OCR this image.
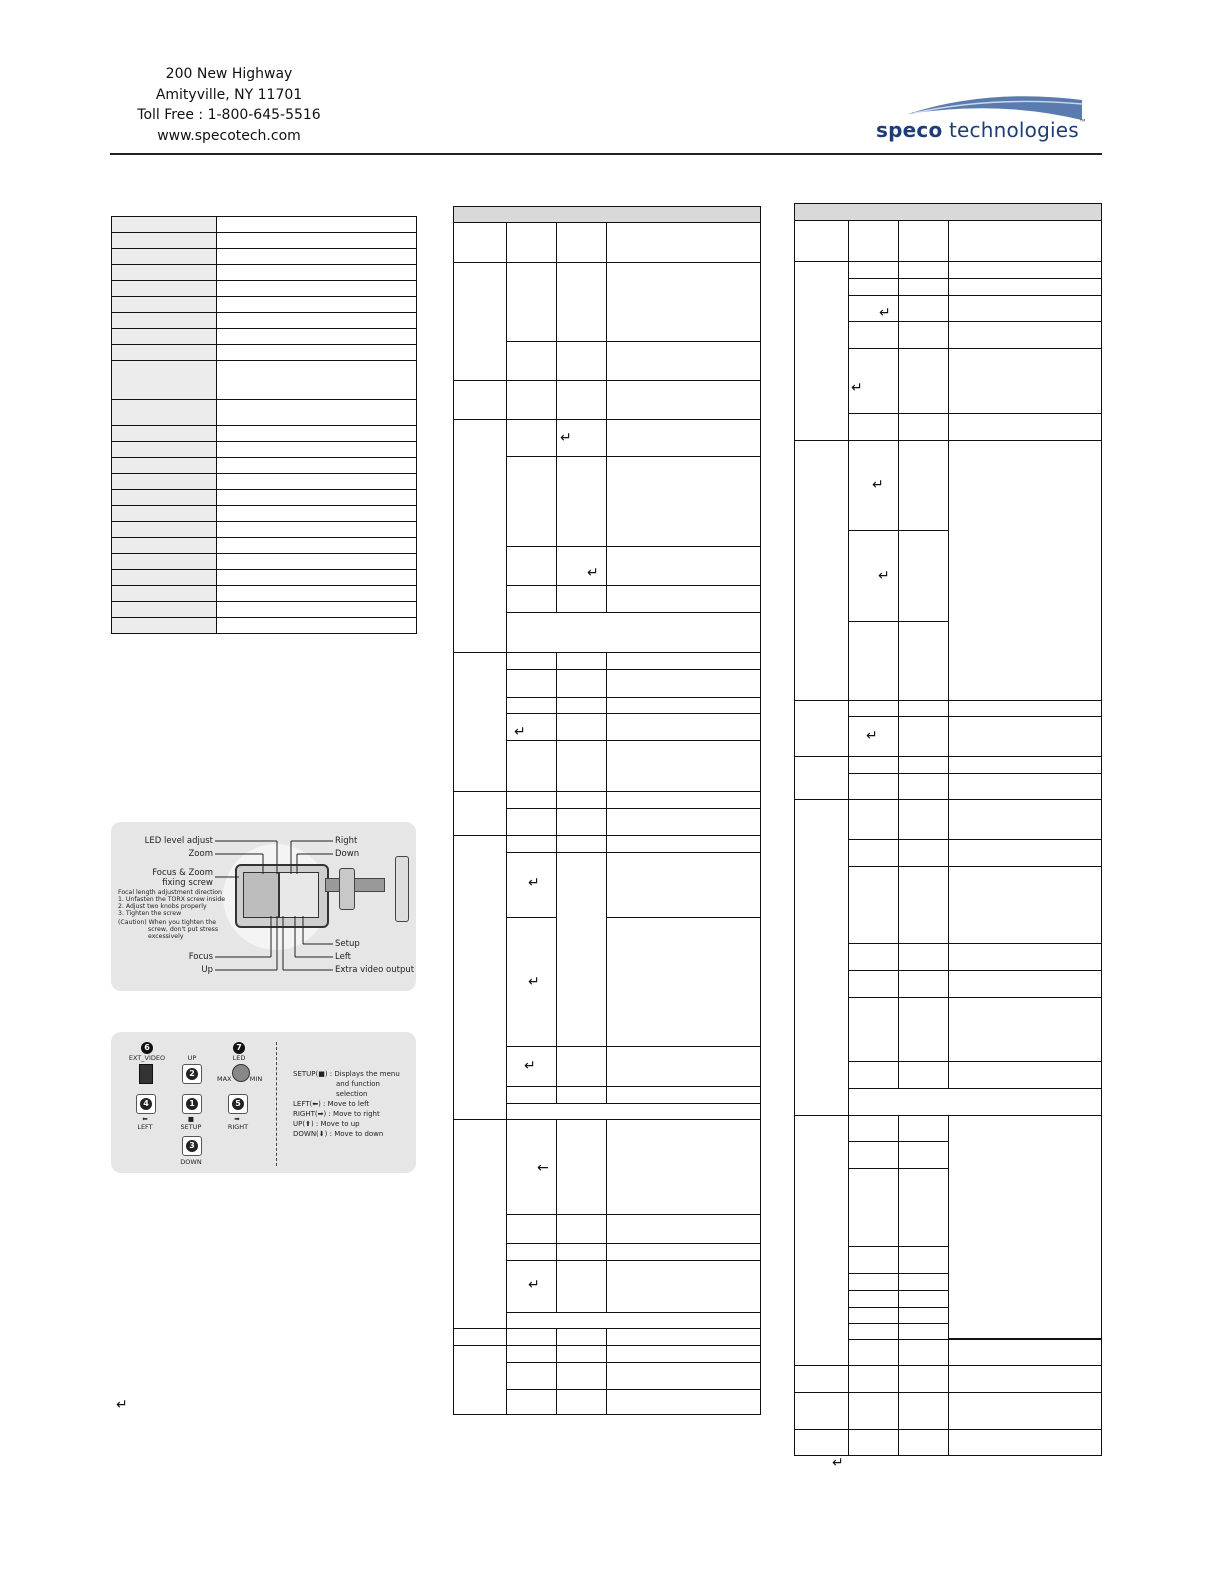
200 New Highway
Amityville, NY 11701
Toll Free : 1-800-645-5516
www.specotech.com	speco technologies™

LED level adjust
Zoom
Focus & Zoom
fixing screw
Focal length adjustment direction
1. Unfasten the TORX screw inside
2. Adjust two knobs properly
3. Tighten the screw
(Caution) When you tighten the
screw, don't put stress
excessively
Focus
Up
Right
Down
Setup
Left
Extra video output
6
EXT_VIDEO	UP
2
7
LED
MAX	MIN
4
⬅
LEFT
1
■
SETUP
5
➡
RIGHT
3
DOWN
SETUP(■) : Displays the menu
and function
selection
LEFT(⬅) : Move to left
RIGHT(➡) : Move to right
UP(⬆) : Move to up
DOWN(⬇) : Move to down
↵
↵
↵
↵
↵
↵
↵
←
↵
↵
↵
↵
↵
↵
↵
